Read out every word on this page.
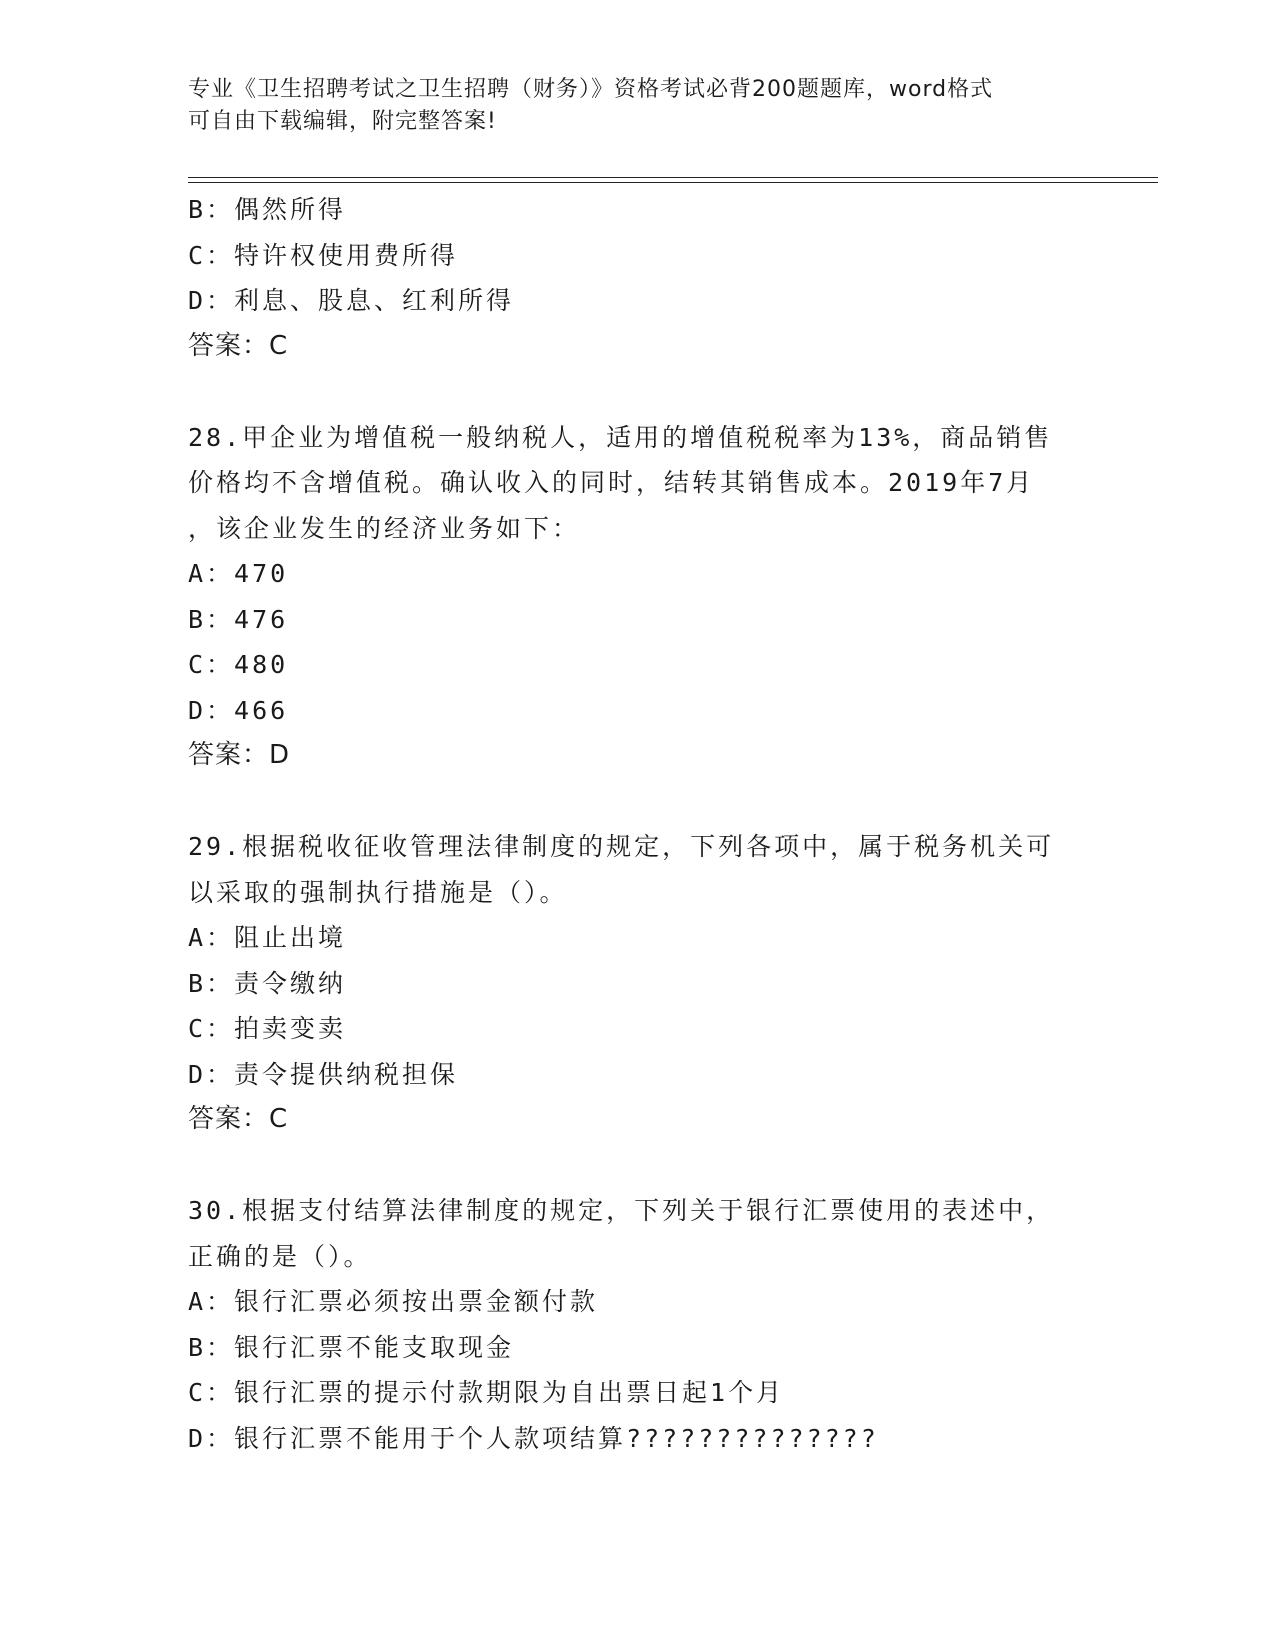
专业《卫生招聘考试之卫生招聘（财务）》资格考试必背200题题库，word格式
可自由下载编辑，附完整答案!
B：偶然所得
C：特许权使用费所得
D：利息、股息、红利所得
答案：C
28.甲企业为增值税一般纳税人，适用的增值税税率为13%，商品销售
价格均不含增值税。确认收入的同时，结转其销售成本。2019年7月
，该企业发生的经济业务如下：
A：470
B：476
C：480
D：466
答案：D
29.根据税收征收管理法律制度的规定，下列各项中，属于税务机关可
以采取的强制执行措施是（）。
A：阻止出境
B：责令缴纳
C：拍卖变卖
D：责令提供纳税担保
答案：C
30.根据支付结算法律制度的规定，下列关于银行汇票使用的表述中，
正确的是（）。
A：银行汇票必须按出票金额付款
B：银行汇票不能支取现金
C：银行汇票的提示付款期限为自出票日起1个月
D：银行汇票不能用于个人款项结算??????????????
